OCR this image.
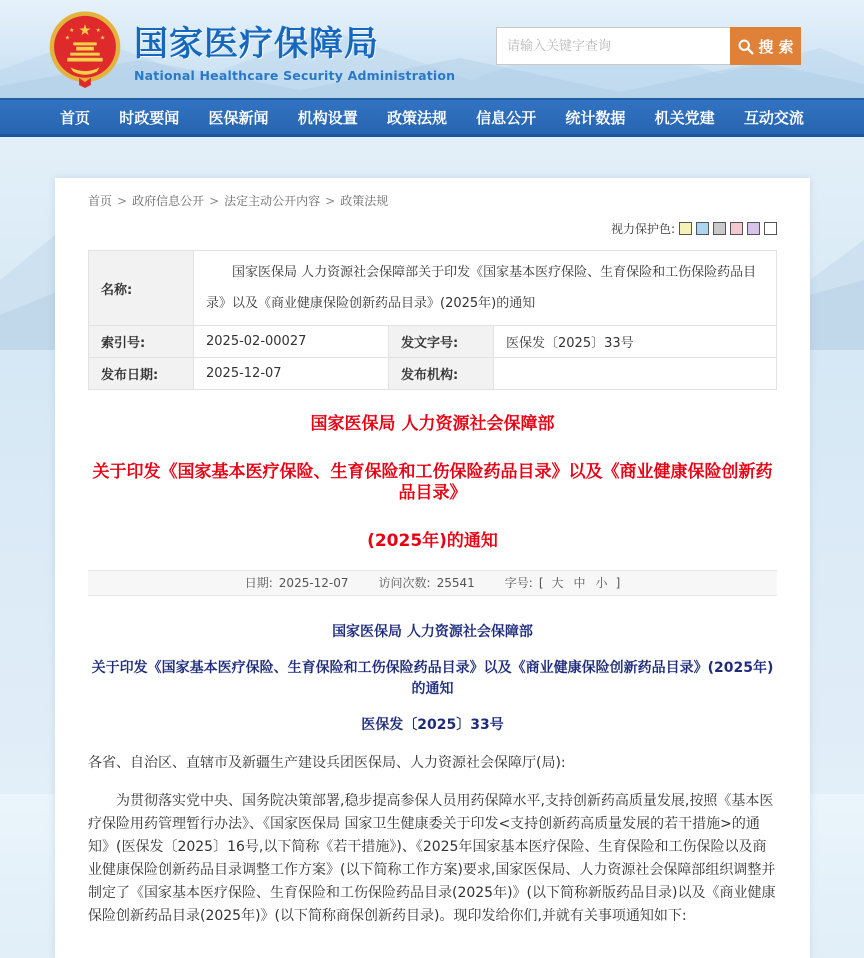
★
★	★
★	★ 国家医疗保障局
National Healthcare Security Administration
请输入关键字查询
搜 索
首页 时政要闻 医保新闻 机构设置 政策法规 信息公开 统计数据 机关党建 互动交流
首页 > 政府信息公开 > 法定主动公开内容 > 政策法规
视力保护色:
名称:	国家医保局 人力资源社会保障部关于印发《国家基本医疗保险、生育保险和工伤保险药品目录》以及《商业健康保险创新药品目录》(2025年)的通知		
索引号:	2025-02-00027	发文字号:	医保发〔2025〕33号
发布日期:	2025-12-07	发布机构:	
国家医保局 人力资源社会保障部
关于印发《国家基本医疗保险、生育保险和工伤保险药品目录》以及《商业健康保险创新药品目录》
(2025年)的通知
日期: 2025-12-07	访问次数: 25541	字号: [ 大 中 小 ]
国家医保局 人力资源社会保障部
关于印发《国家基本医疗保险、生育保险和工伤保险药品目录》以及《商业健康保险创新药品目录》(2025年)的通知
医保发〔2025〕33号
各省、自治区、直辖市及新疆生产建设兵团医保局、人力资源社会保障厅(局):
为贯彻落实党中央、国务院决策部署,稳步提高参保人员用药保障水平,支持创新药高质量发展,按照《基本医疗保险用药管理暂行办法》、《国家医保局 国家卫生健康委关于印发<支持创新药高质量发展的若干措施>的通知》(医保发〔2025〕16号,以下简称《若干措施》)、《2025年国家基本医疗保险、生育保险和工伤保险以及商业健康保险创新药品目录调整工作方案》(以下简称工作方案)要求,国家医保局、人力资源社会保障部组织调整并制定了《国家基本医疗保险、生育保险和工伤保险药品目录(2025年)》(以下简称新版药品目录)以及《商业健康保险创新药品目录(2025年)》(以下简称商保创新药目录)。现印发给你们,并就有关事项通知如下:
